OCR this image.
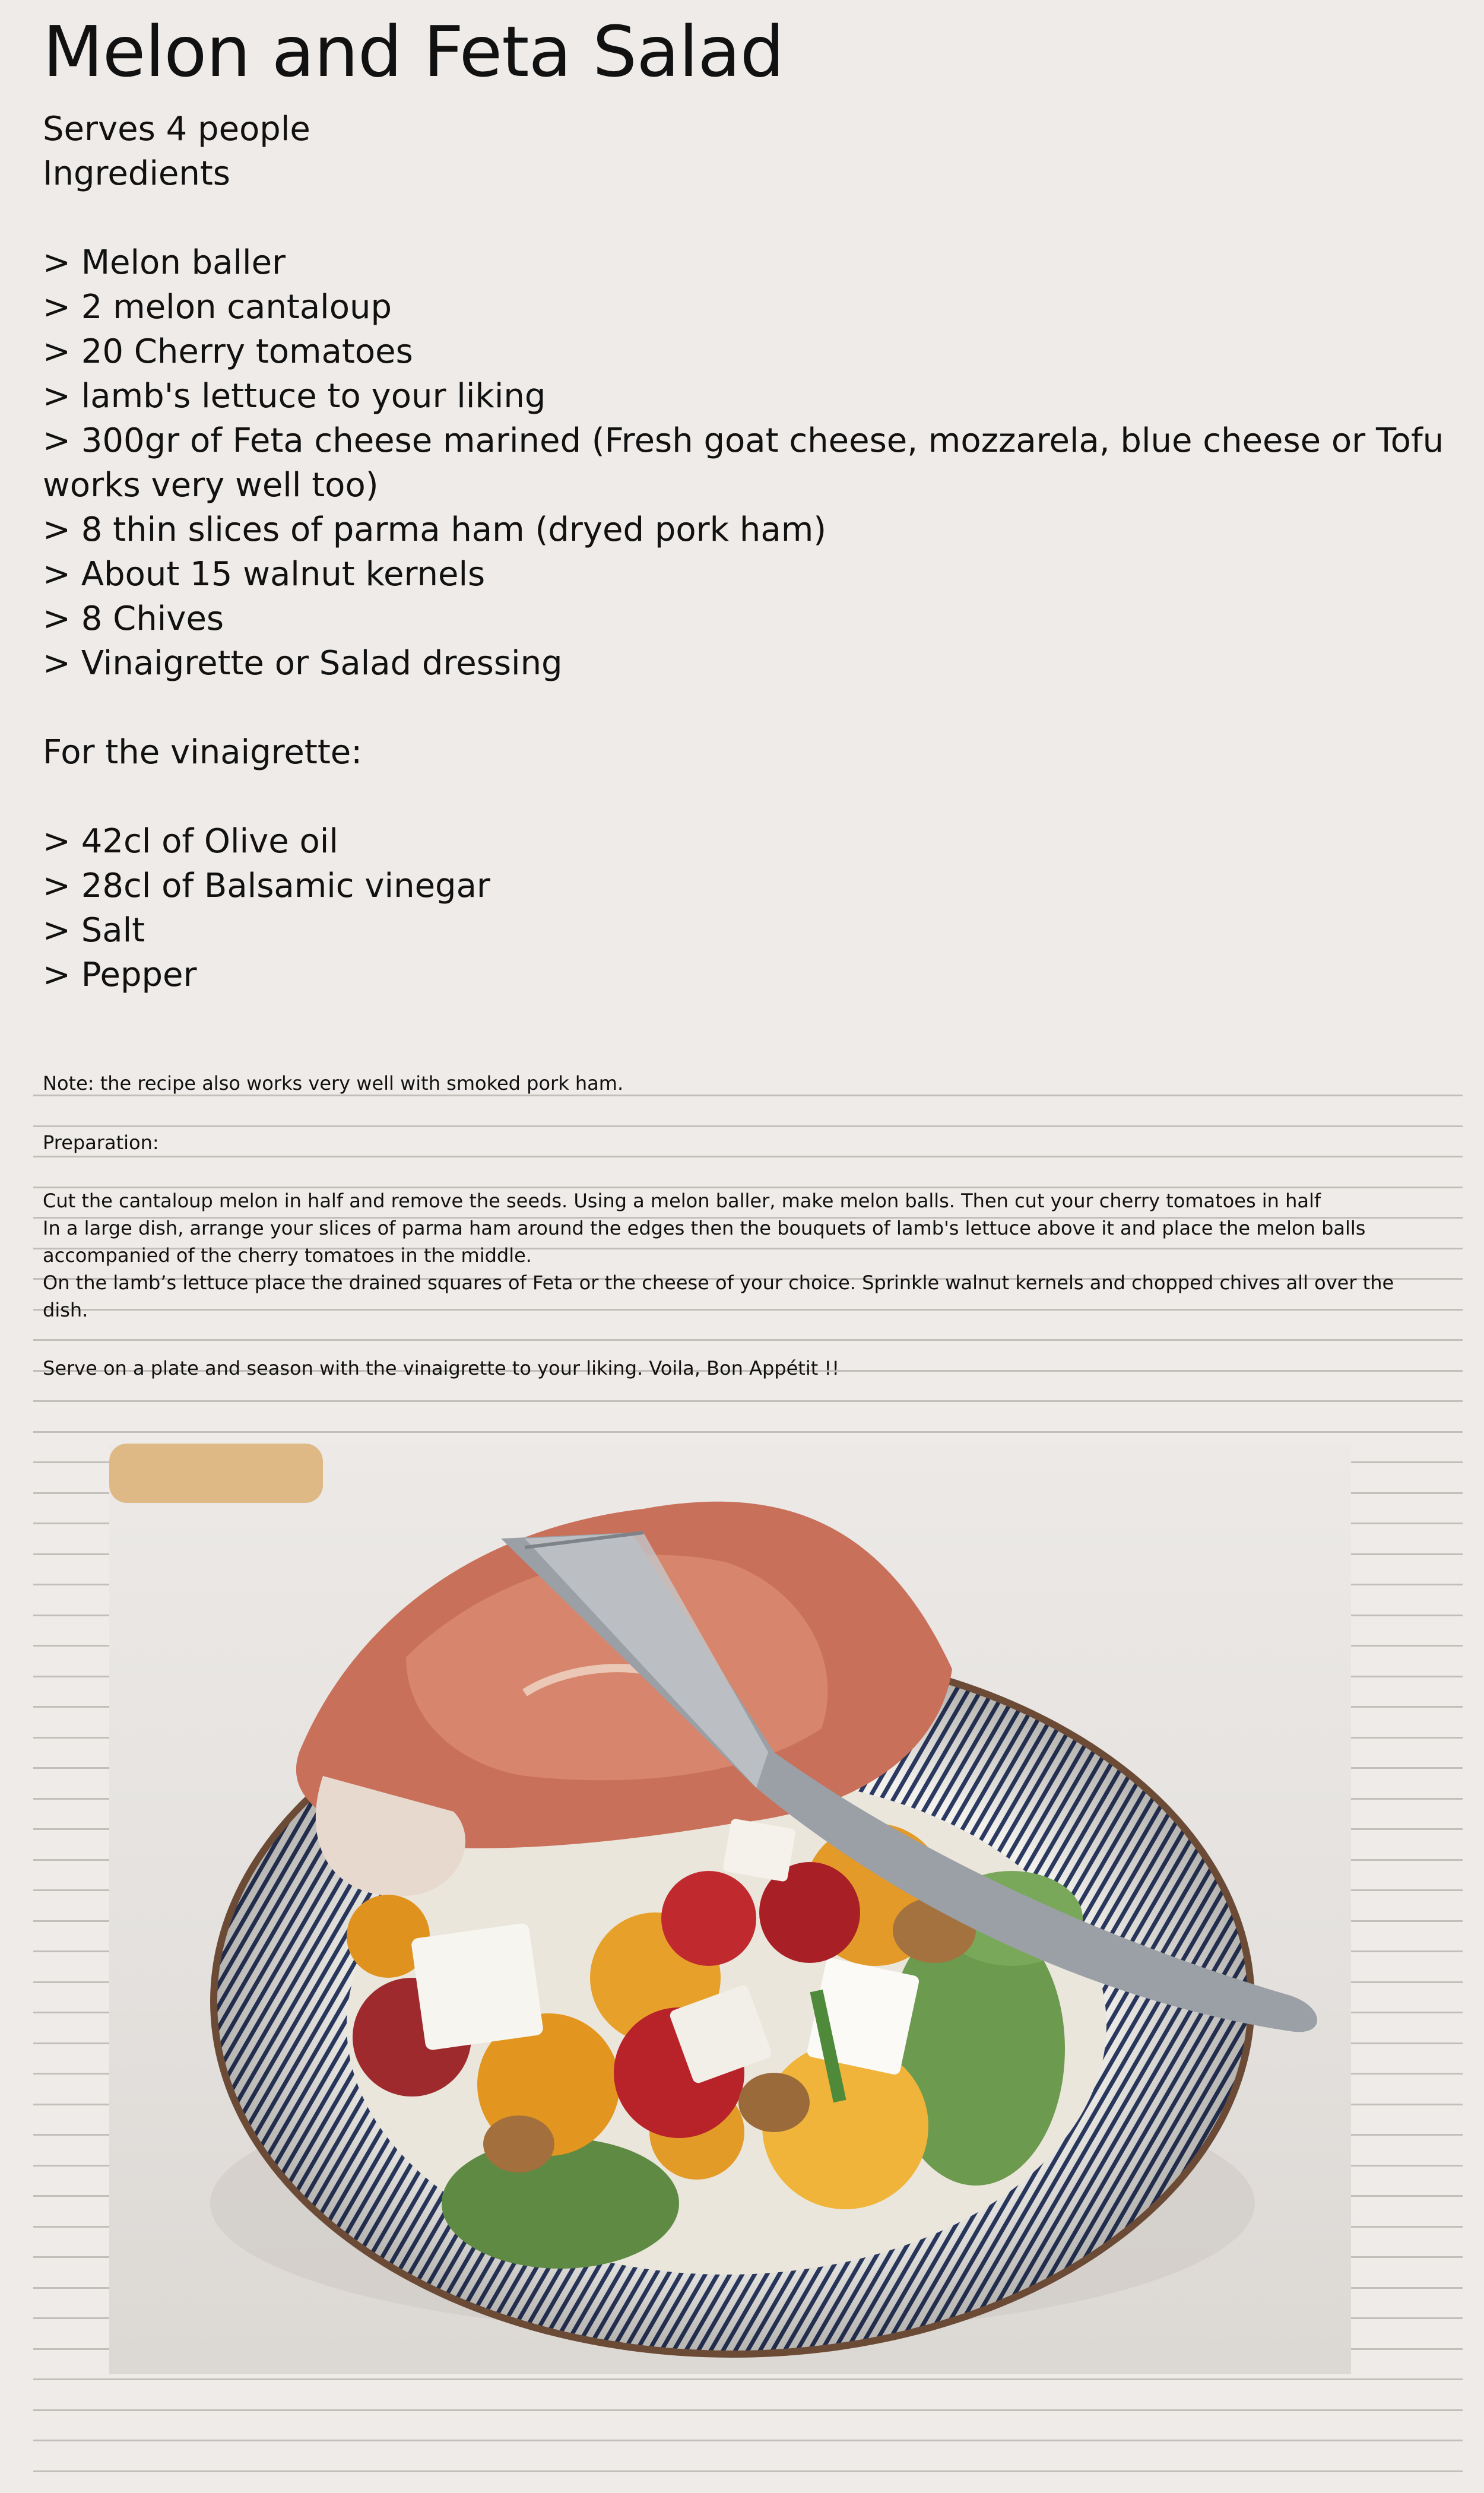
Melon and Feta Salad
Serves 4 people
Ingredients
> Melon baller
> 2 melon cantaloup
> 20 Cherry tomatoes
> lamb's lettuce to your liking
> 300gr of Feta cheese marined (Fresh goat cheese, mozzarela, blue cheese or Tofu works very well too)
> 8 thin slices of parma ham (dryed pork ham)
> About 15 walnut kernels
> 8 Chives
> Vinaigrette or Salad dressing
For the vinaigrette:
> 42cl of Olive oil
> 28cl of Balsamic vinegar
> Salt
> Pepper

Note: the recipe also works very well with smoked pork ham.

Preparation:

Cut the cantaloup melon in half and remove the seeds. Using a melon baller, make melon balls. Then cut your cherry tomatoes in half

In a large dish, arrange your slices of parma ham around the edges then the bouquets of lamb's lettuce above it and place the melon balls accompanied of the cherry tomatoes in the middle.

On the lamb’s lettuce place the drained squares of Feta or the cheese of your choice. Sprinkle walnut kernels and chopped chives all over the dish.

Serve on a plate and season with the vinaigrette to your liking. Voila, Bon Appétit !!
